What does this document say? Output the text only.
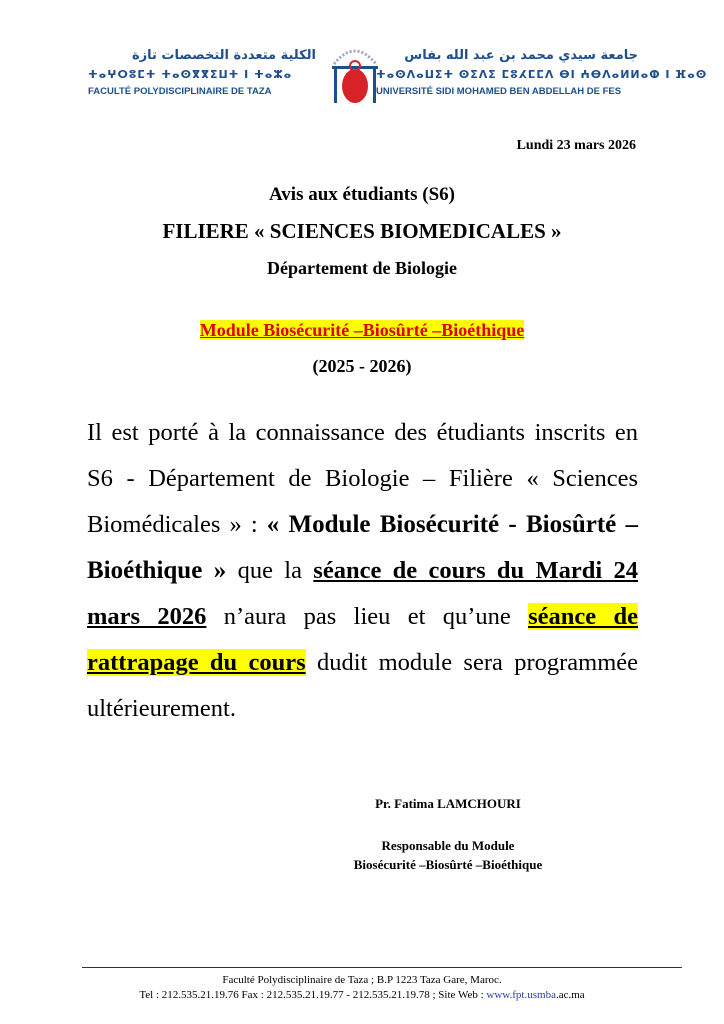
الكلية متعددة التخصصات تازة
ⵜⴰⵖⵔⵓⵎⵜ ⵜⴰⵙⴳⴳⵉⵡⵜ ⵏ ⵜⴰⵣⴰ
FACULTÉ POLYDISCIPLINAIRE DE TAZA
جامعة سيدي محمد بن عبد الله بفاس
ⵜⴰⵙⴷⴰⵡⵉⵜ ⵙⵉⴷⵉ ⵎⵓⵃⵎⵎⴷ ⴱⵏ ⵄⴱⴷⴰⵍⵍⴰⵀ ⵏ ⴼⴰⵙ
UNIVERSITÉ SIDI MOHAMED BEN ABDELLAH DE FES
Lundi 23 mars 2026
Avis aux étudiants (S6)
FILIERE « SCIENCES BIOMEDICALES »
Département de Biologie
Module Biosécurité –Biosûrté –Bioéthique
(2025 - 2026)
Il est porté à la connaissance des étudiants inscrits en S6 - Département de Biologie – Filière « Sciences Biomédicales » : « Module Biosécurité - Biosûrté – Bioéthique » que la séance de cours du Mardi 24 mars 2026 n’aura pas lieu et qu’une séance de rattrapage du cours dudit module sera programmée ultérieurement.
Pr. Fatima LAMCHOURI
Responsable du Module
Biosécurité –Biosûrté –Bioéthique
Faculté Polydisciplinaire de Taza ; B.P 1223 Taza Gare, Maroc.
Tel : 212.535.21.19.76 Fax : 212.535.21.19.77 - 212.535.21.19.78 ; Site Web : www.fpt.usmba.ac.ma
